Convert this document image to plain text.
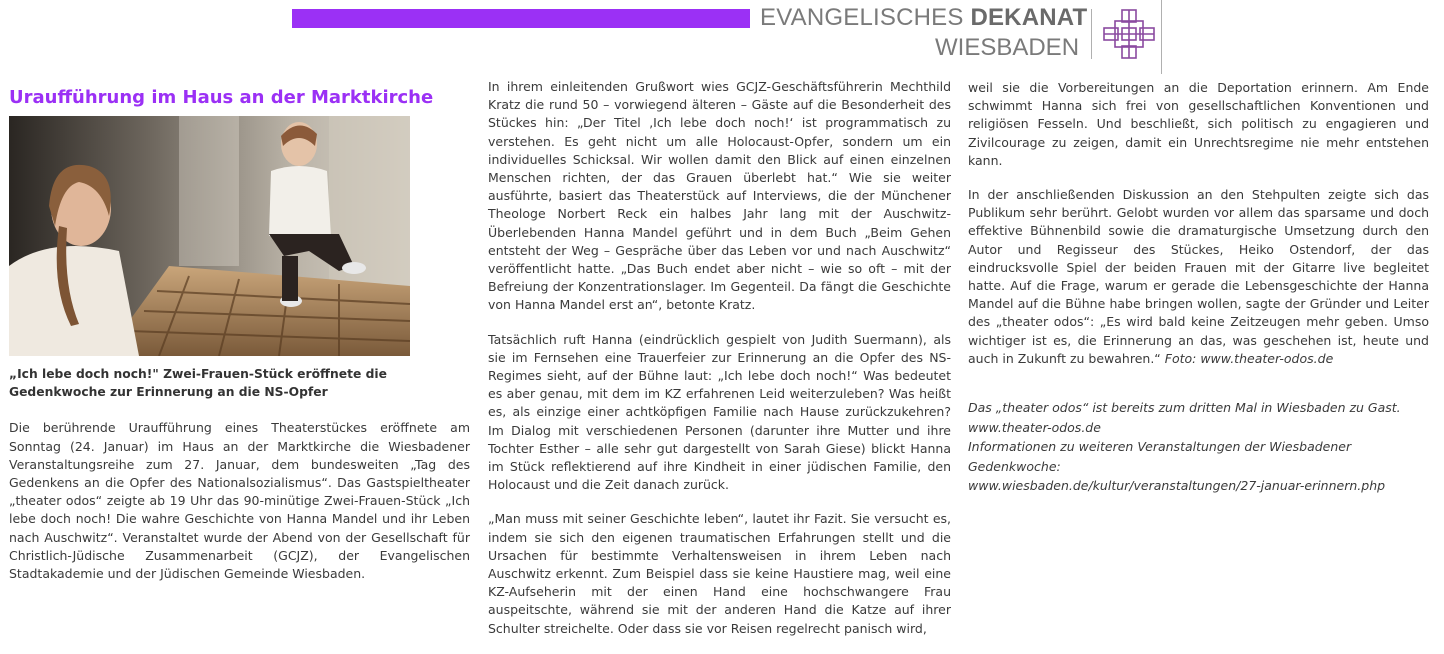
EVANGELISCHES DEKANAT
WIESBADEN
Uraufführung im Haus an der Marktkirche
„Ich lebe doch noch!" Zwei-Frauen-Stück eröffnete die Gedenkwoche zur Erinnerung an die NS-Opfer

Die berührende Uraufführung eines Theaterstückes eröffnete am Sonntag (24. Januar) im Haus an der Marktkirche die Wiesbadener Veranstaltungsreihe zum 27. Januar, dem bundesweiten „Tag des Gedenkens an die Opfer des Nationalsozialismus“. Das Gastspieltheater „theater odos“ zeigte ab 19 Uhr das 90-minütige Zwei-Frauen-Stück „Ich lebe doch noch! Die wahre Geschichte von Hanna Mandel und ihr Leben nach Auschwitz“. Veranstaltet wurde der Abend von der Gesellschaft für Christlich-Jüdische Zusammenarbeit (GCJZ), der Evangelischen Stadtakademie und der Jüdischen Gemeinde Wiesbaden.

In ihrem einleitenden Grußwort wies GCJZ-Geschäftsführerin Mechthild Kratz die rund 50 – vorwiegend älteren – Gäste auf die Besonderheit des Stückes hin: „Der Titel ‚Ich lebe doch noch!‘ ist programmatisch zu verstehen. Es geht nicht um alle Holocaust-Opfer, sondern um ein individuelles Schicksal. Wir wollen damit den Blick auf einen einzelnen Menschen richten, der das Grauen überlebt hat.“ Wie sie weiter ausführte, basiert das Theaterstück auf Interviews, die der Münchener Theologe Norbert Reck ein halbes Jahr lang mit der Auschwitz-Überlebenden Hanna Mandel geführt und in dem Buch „Beim Gehen entsteht der Weg – Gespräche über das Leben vor und nach Auschwitz“ veröffentlicht hatte. „Das Buch endet aber nicht – wie so oft – mit der Befreiung der Konzentrationslager. Im Gegenteil. Da fängt die Geschichte von Hanna Mandel erst an“, betonte Kratz.

Tatsächlich ruft Hanna (eindrücklich gespielt von Judith Suermann), als sie im Fernsehen eine Trauerfeier zur Erinnerung an die Opfer des NS-Regimes sieht, auf der Bühne laut: „Ich lebe doch noch!“ Was bedeutet es aber genau, mit dem im KZ erfahrenen Leid weiterzuleben? Was heißt es, als einzige einer achtköpfigen Familie nach Hause zurückzukehren? Im Dialog mit verschiedenen Personen (darunter ihre Mutter und ihre Tochter Esther – alle sehr gut dargestellt von Sarah Giese) blickt Hanna im Stück reflektierend auf ihre Kindheit in einer jüdischen Familie, den Holocaust und die Zeit danach zurück.

„Man muss mit seiner Geschichte leben“, lautet ihr Fazit. Sie versucht es, indem sie sich den eigenen traumatischen Erfahrungen stellt und die Ursachen für bestimmte Verhaltensweisen in ihrem Leben nach Auschwitz erkennt. Zum Beispiel dass sie keine Haustiere mag, weil eine KZ-Aufseherin mit der einen Hand eine hochschwangere Frau auspeitschte, während sie mit der anderen Hand die Katze auf ihrer Schulter streichelte. Oder dass sie vor Reisen regelrecht panisch wird,

weil sie die Vorbereitungen an die Deportation erinnern. Am Ende schwimmt Hanna sich frei von gesellschaftlichen Konventionen und religiösen Fesseln. Und beschließt, sich politisch zu engagieren und Zivilcourage zu zeigen, damit ein Unrechtsregime nie mehr entstehen kann.

In der anschließenden Diskussion an den Stehpulten zeigte sich das Publikum sehr berührt. Gelobt wurden vor allem das sparsame und doch effektive Bühnenbild sowie die dramaturgische Umsetzung durch den Autor und Regisseur des Stückes, Heiko Ostendorf, der das eindrucksvolle Spiel der beiden Frauen mit der Gitarre live begleitet hatte. Auf die Frage, warum er gerade die Lebensgeschichte der Hanna Mandel auf die Bühne habe bringen wollen, sagte der Gründer und Leiter des „theater odos“: „Es wird bald keine Zeitzeugen mehr geben. Umso wichtiger ist es, die Erinnerung an das, was geschehen ist, heute und auch in Zukunft zu bewahren.“ Foto: www.theater-odos.de

Das „theater odos“ ist bereits zum dritten Mal in Wiesbaden zu Gast.
www.theater-odos.de
Informationen zu weiteren Veranstaltungen der Wiesbadener Gedenkwoche:
www.wiesbaden.de/kultur/veranstaltungen/27-januar-erinnern.php
